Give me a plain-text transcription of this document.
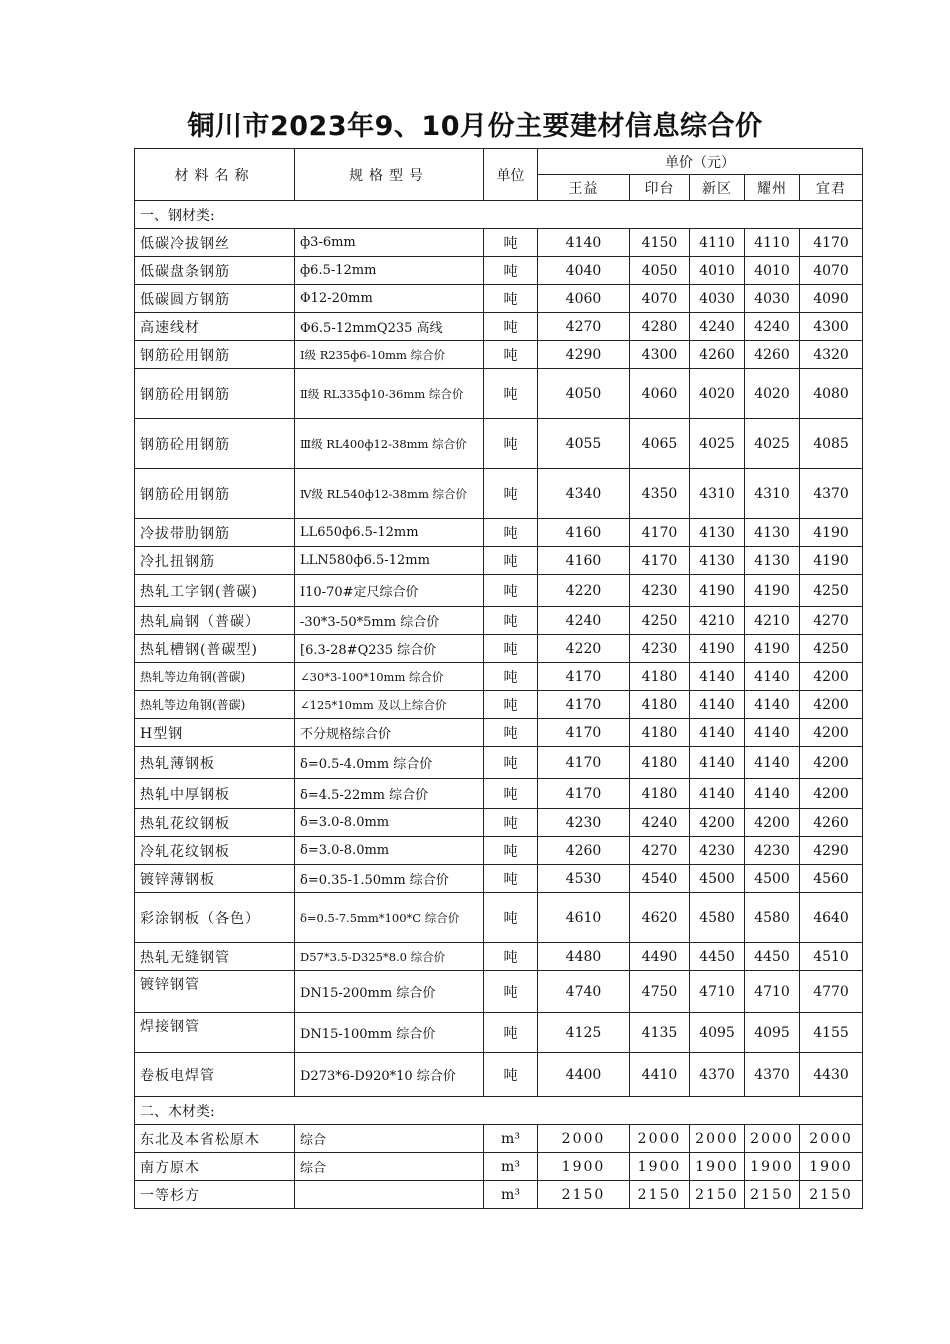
铜川市2023年9、10月份主要建材信息综合价
材料名称	规格型号	单位	单价（元）				
			王益	印台	新区	耀州	宜君
一、钢材类:							
低碳冷拔钢丝	ф3-6mm	吨	4140	4150	4110	4110	4170
低碳盘条钢筋	ф6.5-12mm	吨	4040	4050	4010	4010	4070
低碳圆方钢筋	Φ12-20mm	吨	4060	4070	4030	4030	4090
高速线材	Φ6.5-12mmQ235 高线	吨	4270	4280	4240	4240	4300
钢筋砼用钢筋	Ⅰ级 R235ф6-10mm 综合价	吨	4290	4300	4260	4260	4320
钢筋砼用钢筋	Ⅱ级 RL335ф10-36mm 综合价	吨	4050	4060	4020	4020	4080
钢筋砼用钢筋	Ⅲ级 RL400ф12-38mm 综合价	吨	4055	4065	4025	4025	4085
钢筋砼用钢筋	Ⅳ级 RL540ф12-38mm 综合价	吨	4340	4350	4310	4310	4370
冷拔带肋钢筋	LL650ф6.5-12mm	吨	4160	4170	4130	4130	4190
冷扎扭钢筋	LLN580ф6.5-12mm	吨	4160	4170	4130	4130	4190
热轧工字钢(普碳)	Ⅰ10-70#定尺综合价	吨	4220	4230	4190	4190	4250
热轧扁钢（普碳）	-30*3-50*5mm 综合价	吨	4240	4250	4210	4210	4270
热轧槽钢(普碳型)	[6.3-28#Q235 综合价	吨	4220	4230	4190	4190	4250
热轧等边角钢(普碳)	∠30*3-100*10mm 综合价	吨	4170	4180	4140	4140	4200
热轧等边角钢(普碳)	∠125*10mm 及以上综合价	吨	4170	4180	4140	4140	4200
H型钢	不分规格综合价	吨	4170	4180	4140	4140	4200
热轧薄钢板	δ=0.5-4.0mm 综合价	吨	4170	4180	4140	4140	4200
热轧中厚钢板	δ=4.5-22mm 综合价	吨	4170	4180	4140	4140	4200
热轧花纹钢板	δ=3.0-8.0mm	吨	4230	4240	4200	4200	4260
冷轧花纹钢板	δ=3.0-8.0mm	吨	4260	4270	4230	4230	4290
镀锌薄钢板	δ=0.35-1.50mm 综合价	吨	4530	4540	4500	4500	4560
彩涂钢板（各色）	δ=0.5-7.5mm*100*C 综合价	吨	4610	4620	4580	4580	4640
热轧无缝钢管	D57*3.5-D325*8.0 综合价	吨	4480	4490	4450	4450	4510
镀锌钢管	DN15-200mm 综合价	吨	4740	4750	4710	4710	4770
焊接钢管	DN15-100mm 综合价	吨	4125	4135	4095	4095	4155
卷板电焊管	D273*6-D920*10 综合价	吨	4400	4410	4370	4370	4430
二、木材类:							
东北及本省松原木	综合	m³	2000	2000	2000	2000	2000
南方原木	综合	m³	1900	1900	1900	1900	1900
一等杉方		m³	2150	2150	2150	2150	2150
